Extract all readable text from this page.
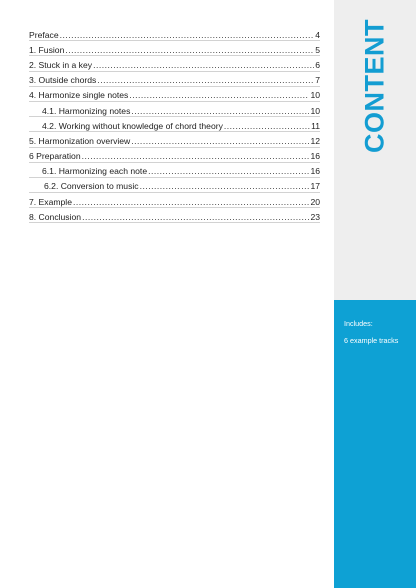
Preface .....	4
1. Fusion .....	5
2. Stuck in a key .....	6
3. Outside chords .....	7
4. Harmonize single notes .....	10
4.1. Harmonizing notes .....	10
4.2. Working without knowledge of chord theory .....	11
5. Harmonization overview .....	12
6 Preparation .....	16
6.1. Harmonizing each note .....	16
6.2. Conversion to music .....	17
7. Example .....	20
8. Conclusion .....	23
CONTENT

Includes:

6 example tracks
